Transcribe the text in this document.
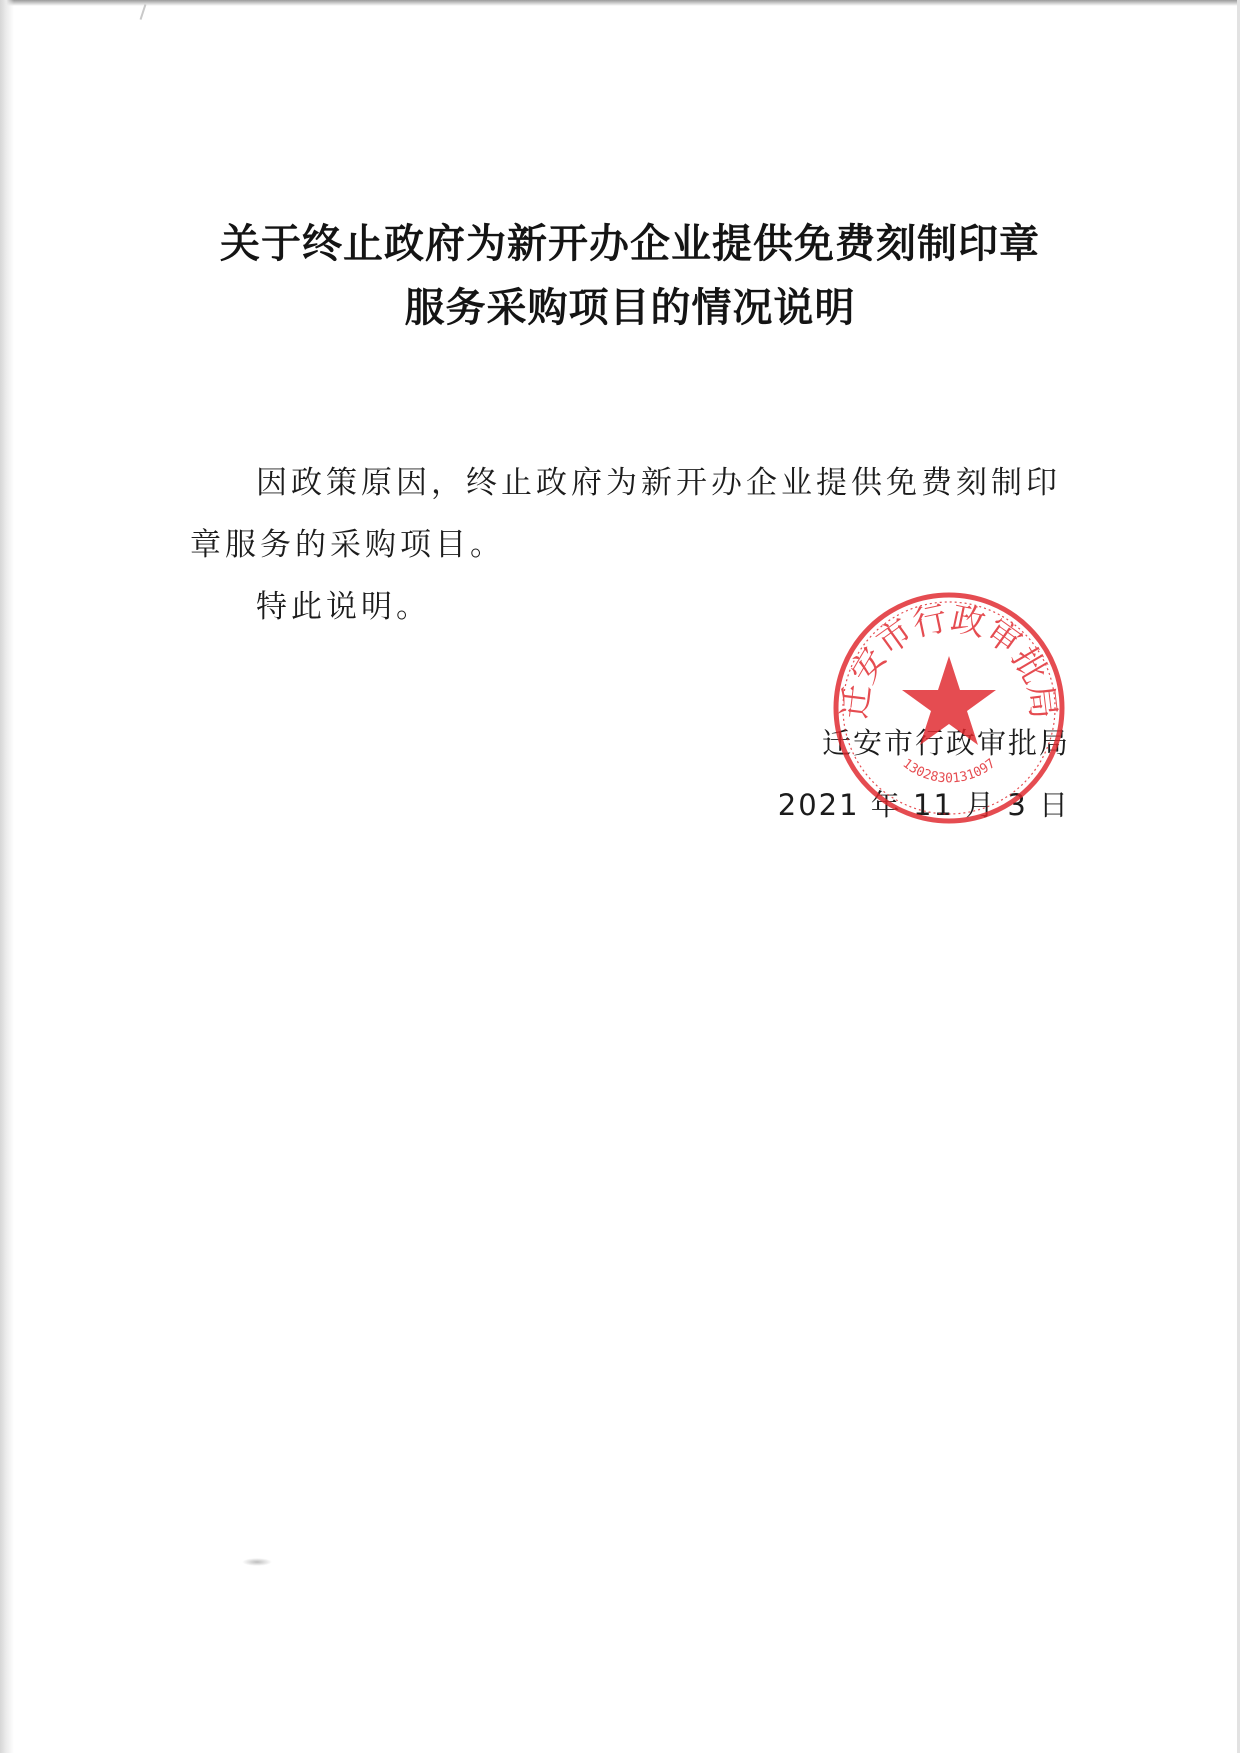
关于终止政府为新开办企业提供免费刻制印章
服务采购项目的情况说明

因政策原因，终止政府为新开办企业提供免费刻制印章服务的采购项目。

特此说明。

迁安市行政审批局
2021 年 11 月 3 日
迁安市行政审批局
1302830131097
